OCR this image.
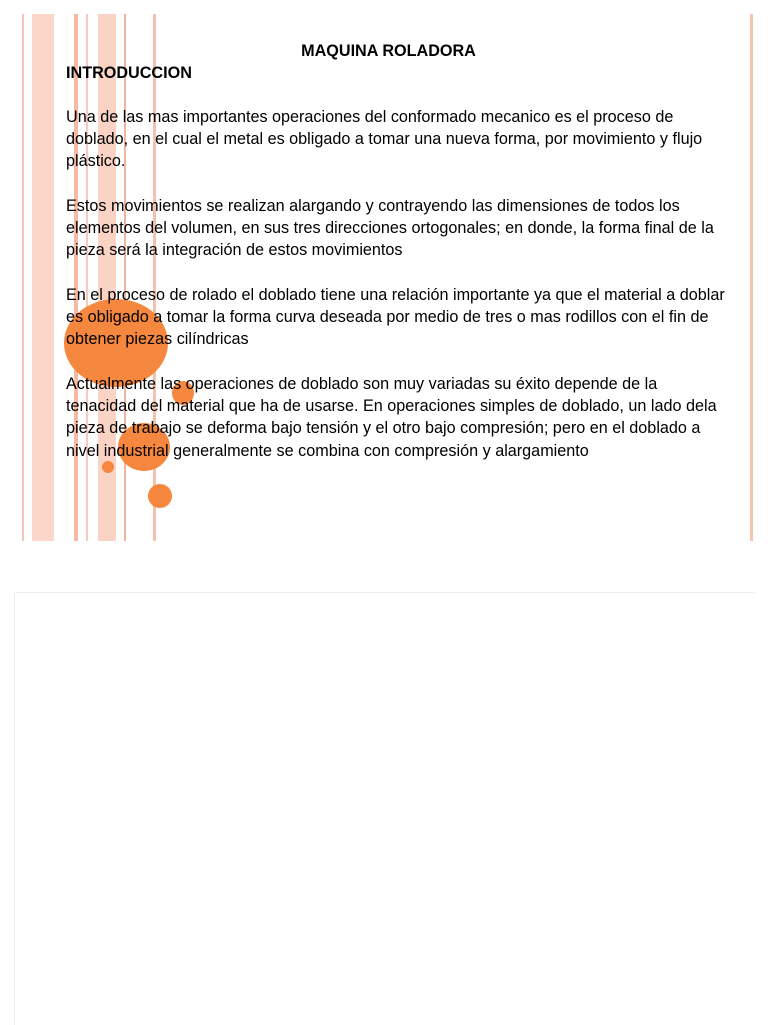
MAQUINA ROLADORA
INTRODUCCION

Una de las mas importantes operaciones del conformado mecanico es el proceso de doblado, en el cual el metal es obligado a tomar una nueva forma, por movimiento y flujo plástico.

Estos movimientos se realizan alargando y contrayendo las dimensiones de todos los elementos del volumen, en sus tres direcciones ortogonales; en donde, la forma final de la pieza será la integración de estos movimientos

En el proceso de rolado el doblado tiene una relación importante ya que el material a doblar es obligado a tomar la forma curva deseada por medio de tres o mas rodillos con el fin de obtener piezas cilíndricas

Actualmente las operaciones de doblado son muy variadas su éxito depende de la tenacidad del material que ha de usarse. En operaciones simples de doblado, un lado dela pieza de trabajo se deforma bajo tensión y el otro bajo compresión; pero en el doblado a nivel industrial generalmente se combina con compresión y alargamiento
